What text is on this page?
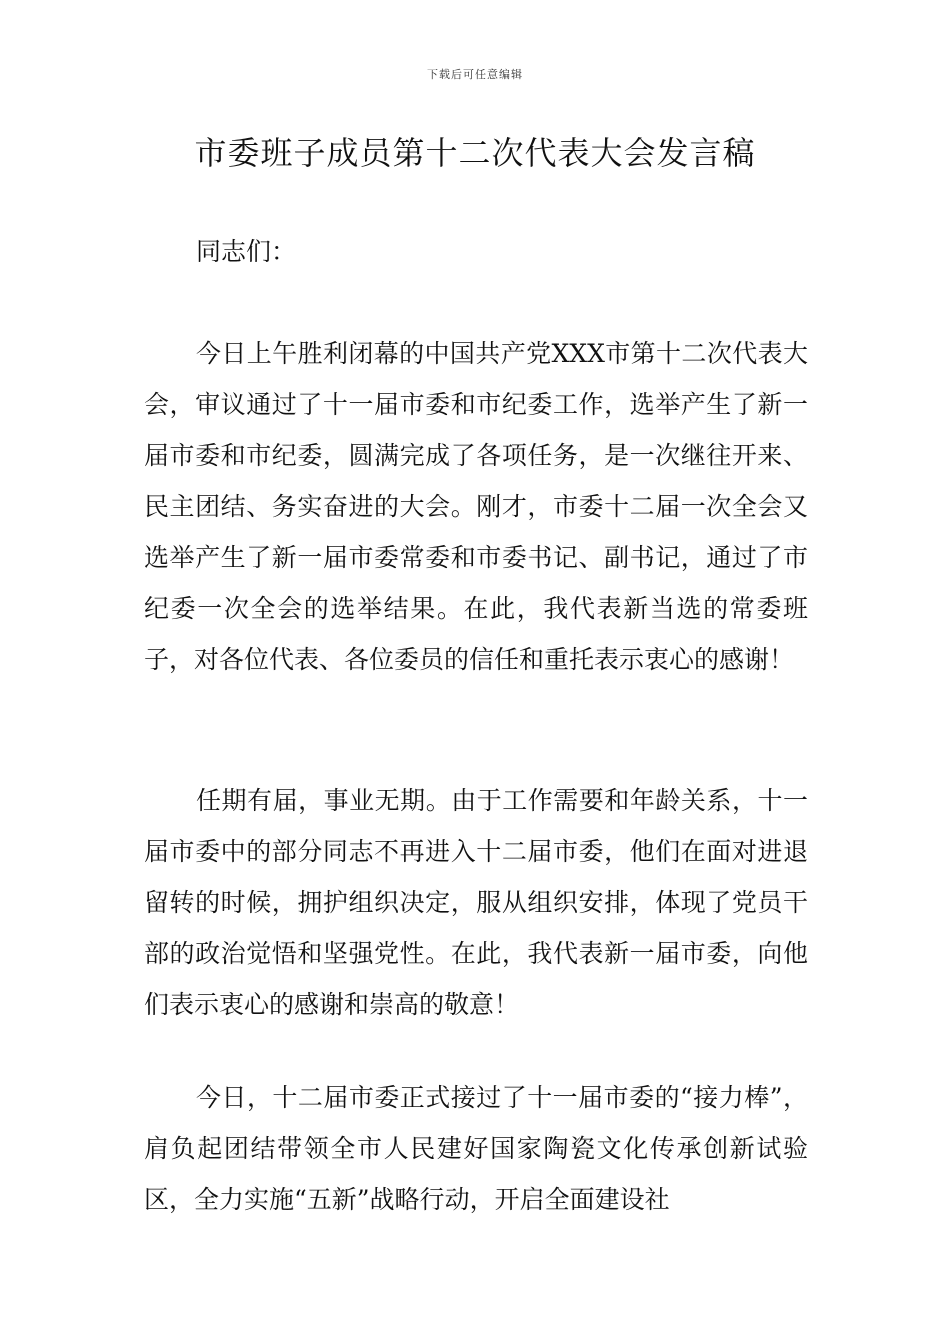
下载后可任意编辑
市委班子成员第十二次代表大会发言稿

同志们：

今日上午胜利闭幕的中国共产党XXX市第十二次代表大会，审议通过了十一届市委和市纪委工作，选举产生了新一届市委和市纪委，圆满完成了各项任务，是一次继往开来、民主团结、务实奋进的大会。刚才，市委十二届一次全会又选举产生了新一届市委常委和市委书记、副书记，通过了市纪委一次全会的选举结果。在此，我代表新当选的常委班子，对各位代表、各位委员的信任和重托表示衷心的感谢！

任期有届，事业无期。由于工作需要和年龄关系，十一届市委中的部分同志不再进入十二届市委，他们在面对进退留转的时候，拥护组织决定，服从组织安排，体现了党员干部的政治觉悟和坚强党性。在此，我代表新一届市委，向他们表示衷心的感谢和崇高的敬意！

今日，十二届市委正式接过了十一届市委的“接力棒”，肩负起团结带领全市人民建好国家陶瓷文化传承创新试验区，全力实施“五新”战略行动，开启全面建设社
